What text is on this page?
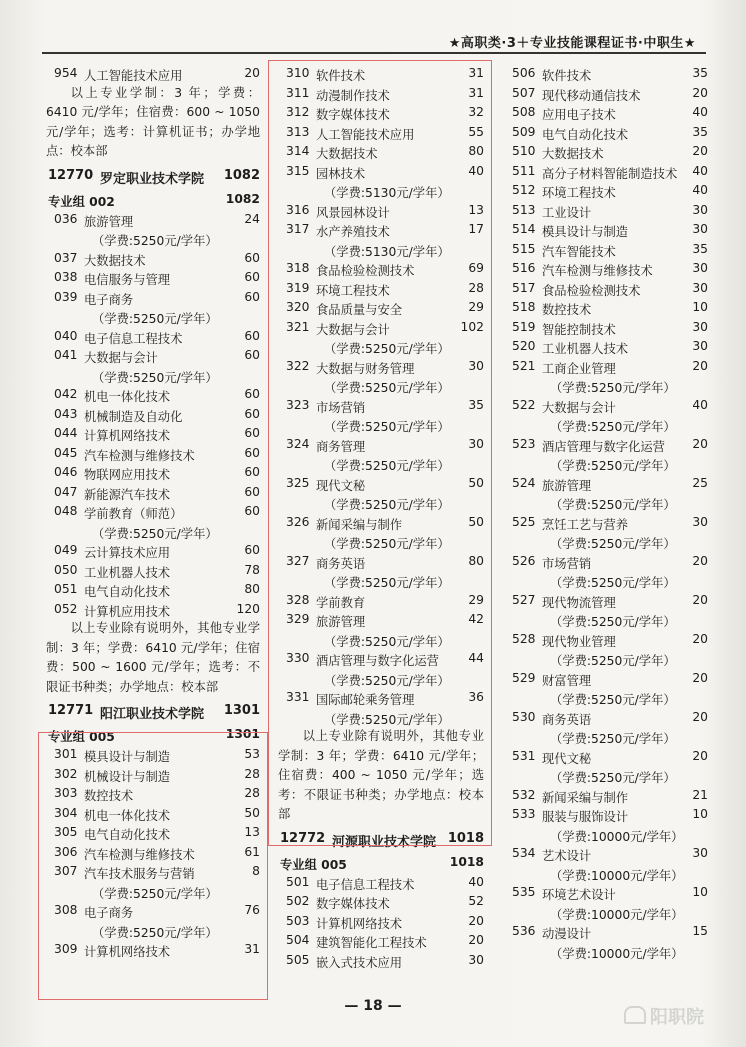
★高职类·3＋专业技能课程证书·中职生★
954 人工智能技术应用	20
以上专业学制：3 年；学费：6410 元/学年；住宿费：600 ~ 1050 元/学年；选考：计算机证书；办学地点：校本部
12770 罗定职业技术学院 1082
专业组 002	1082
036 旅游管理	24
（学费:5250元/学年）
037 大数据技术	60
038 电信服务与管理	60
039 电子商务	60
（学费:5250元/学年）
040 电子信息工程技术	60
041 大数据与会计	60
（学费:5250元/学年）
042 机电一体化技术	60
043 机械制造及自动化	60
044 计算机网络技术	60
045 汽车检测与维修技术	60
046 物联网应用技术	60
047 新能源汽车技术	60
048 学前教育（师范）	60
（学费:5250元/学年）
049 云计算技术应用	60
050 工业机器人技术	78
051 电气自动化技术	80
052 计算机应用技术	120
以上专业除有说明外，其他专业学制：3 年；学费：6410 元/学年；住宿费：500 ~ 1600 元/学年；选考：不限证书种类；办学地点：校本部
12771 阳江职业技术学院 1301
专业组 005	1301
301 模具设计与制造	53
302 机械设计与制造	28
303 数控技术	28
304 机电一体化技术	50
305 电气自动化技术	13
306 汽车检测与维修技术	61
307 汽车技术服务与营销	8
（学费:5250元/学年）
308 电子商务	76
（学费:5250元/学年）
309 计算机网络技术	31
310 软件技术	31
311 动漫制作技术	31
312 数字媒体技术	32
313 人工智能技术应用	55
314 大数据技术	80
315 园林技术	40
（学费:5130元/学年）
316 风景园林设计	13
317 水产养殖技术	17
（学费:5130元/学年）
318 食品检验检测技术	69
319 环境工程技术	28
320 食品质量与安全	29
321 大数据与会计	102
（学费:5250元/学年）
322 大数据与财务管理	30
（学费:5250元/学年）
323 市场营销	35
（学费:5250元/学年）
324 商务管理	30
（学费:5250元/学年）
325 现代文秘	50
（学费:5250元/学年）
326 新闻采编与制作	50
（学费:5250元/学年）
327 商务英语	80
（学费:5250元/学年）
328 学前教育	29
329 旅游管理	42
（学费:5250元/学年）
330 酒店管理与数字化运营 44
（学费:5250元/学年）
331 国际邮轮乘务管理	36
（学费:5250元/学年）
以上专业除有说明外，其他专业学制：3 年；学费：6410 元/学年；住宿费：400 ~ 1050 元/学年；选考：不限证书种类；办学地点：校本部
12772 河源职业技术学院 1018
专业组 005	1018
501 电子信息工程技术	40
502 数字媒体技术	52
503 计算机网络技术	20
504 建筑智能化工程技术	20
505 嵌入式技术应用	30
506 软件技术	35
507 现代移动通信技术	20
508 应用电子技术	40
509 电气自动化技术	35
510 大数据技术	20
511 高分子材料智能制造技术 40
512 环境工程技术	40
513 工业设计	30
514 模具设计与制造	30
515 汽车智能技术	35
516 汽车检测与维修技术	30
517 食品检验检测技术	30
518 数控技术	10
519 智能控制技术	30
520 工业机器人技术	30
521 工商企业管理	20
（学费:5250元/学年）
522 大数据与会计	40
（学费:5250元/学年）
523 酒店管理与数字化运营 20
（学费:5250元/学年）
524 旅游管理	25
（学费:5250元/学年）
525 烹饪工艺与营养	30
（学费:5250元/学年）
526 市场营销	20
（学费:5250元/学年）
527 现代物流管理	20
（学费:5250元/学年）
528 现代物业管理	20
（学费:5250元/学年）
529 财富管理	20
（学费:5250元/学年）
530 商务英语	20
（学费:5250元/学年）
531 现代文秘	20
（学费:5250元/学年）
532 新闻采编与制作	21
533 服装与服饰设计	10
（学费:10000元/学年）
534 艺术设计	30
（学费:10000元/学年）
535 环境艺术设计	10
（学费:10000元/学年）
536 动漫设计	15
（学费:10000元/学年）
— 18 —
阳职院
